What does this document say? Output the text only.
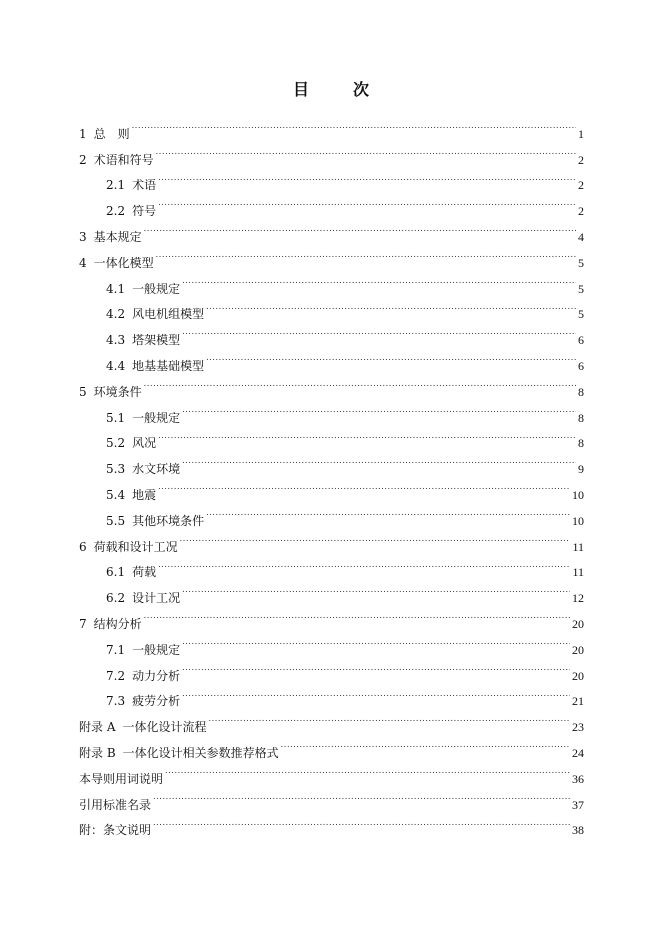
目　次
1 总　则 .....	1
2 术语和符号 .....	2
2.1 术语 .....	2
2.2 符号 .....	2
3 基本规定 .....	4
4 一体化模型 .....	5
4.1 一般规定 .....	5
4.2 风电机组模型 .....	5
4.3 塔架模型 .....	6
4.4 地基基础模型 .....	6
5 环境条件 .....	8
5.1 一般规定 .....	8
5.2 风况 .....	8
5.3 水文环境 .....	9
5.4 地震 .....	10
5.5 其他环境条件 .....	10
6 荷载和设计工况 .....	11
6.1 荷载 .....	11
6.2 设计工况 .....	12
7 结构分析 .....	20
7.1 一般规定 .....	20
7.2 动力分析 .....	20
7.3 疲劳分析 .....	21
附录 A 一体化设计流程 .....	23
附录 B 一体化设计相关参数推荐格式 .....	24
本导则用词说明 .....	36
引用标准名录 .....	37
附：条文说明 .....	38
